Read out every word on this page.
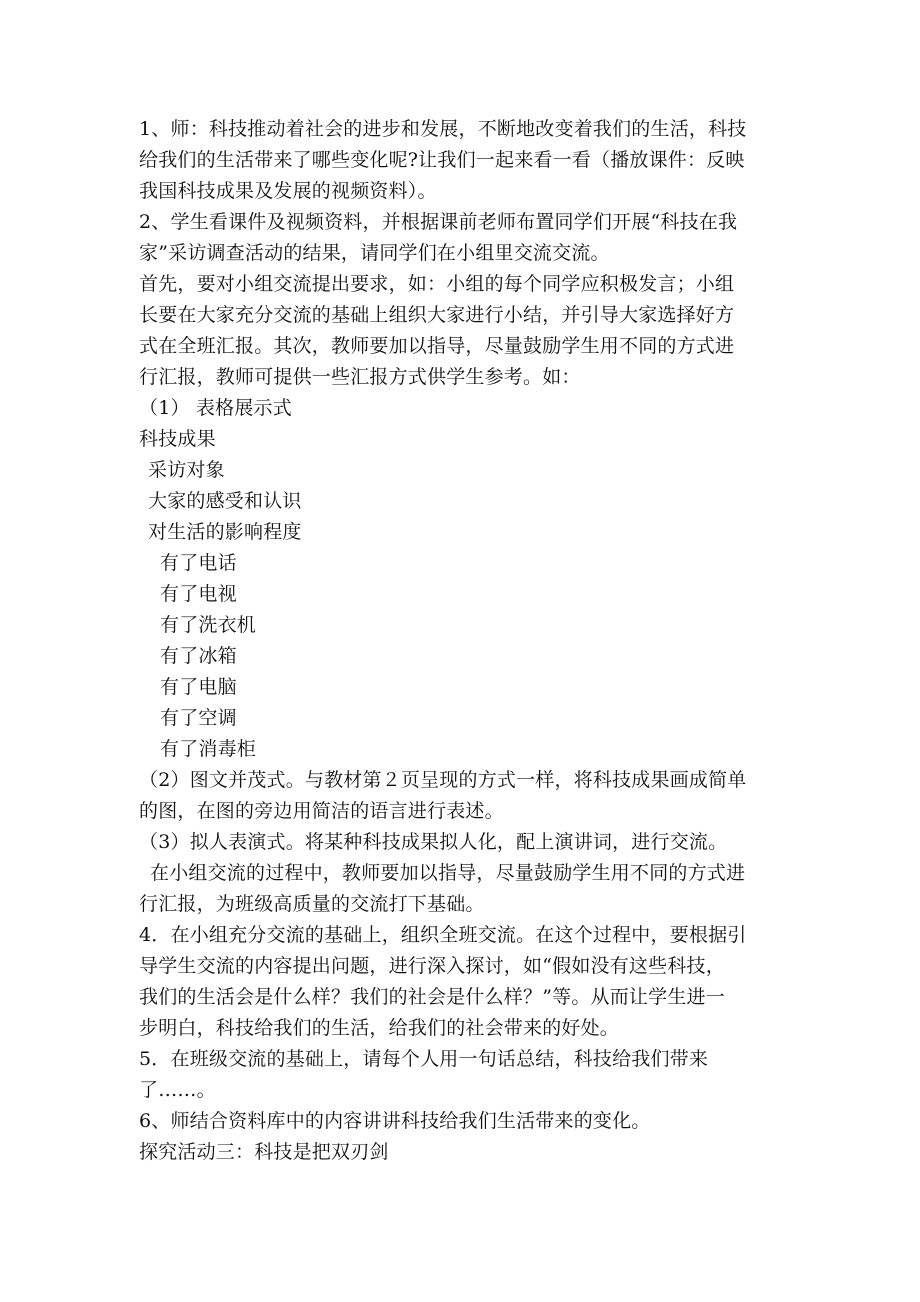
1、师：科技推动着社会的进步和发展，不断地改变着我们的生活，科技
给我们的生活带来了哪些变化呢?让我们一起来看一看（播放课件：反映
我国科技成果及发展的视频资料）。
2、学生看课件及视频资料，并根据课前老师布置同学们开展“科技在我
家”采访调查活动的结果，请同学们在小组里交流交流。
首先，要对小组交流提出要求，如：小组的每个同学应积极发言；小组
长要在大家充分交流的基础上组织大家进行小结，并引导大家选择好方
式在全班汇报。其次，教师要加以指导，尽量鼓励学生用不同的方式进
行汇报，教师可提供一些汇报方式供学生参考。如：
（1） 表格展示式
科技成果
采访对象
大家的感受和认识
对生活的影响程度
有了电话
有了电视
有了洗衣机
有了冰箱
有了电脑
有了空调
有了消毒柜
（2）图文并茂式。与教材第２页呈现的方式一样，将科技成果画成简单
的图，在图的旁边用简洁的语言进行表述。
（3）拟人表演式。将某种科技成果拟人化，配上演讲词，进行交流。
在小组交流的过程中，教师要加以指导，尽量鼓励学生用不同的方式进
行汇报，为班级高质量的交流打下基础。
4．在小组充分交流的基础上，组织全班交流。在这个过程中，要根据引
导学生交流的内容提出问题，进行深入探讨，如“假如没有这些科技，
我们的生活会是什么样？我们的社会是什么样？”等。从而让学生进一
步明白，科技给我们的生活，给我们的社会带来的好处。
5．在班级交流的基础上，请每个人用一句话总结，科技给我们带来
了……。
6、师结合资料库中的内容讲讲科技给我们生活带来的变化。
探究活动三：科技是把双刃剑
